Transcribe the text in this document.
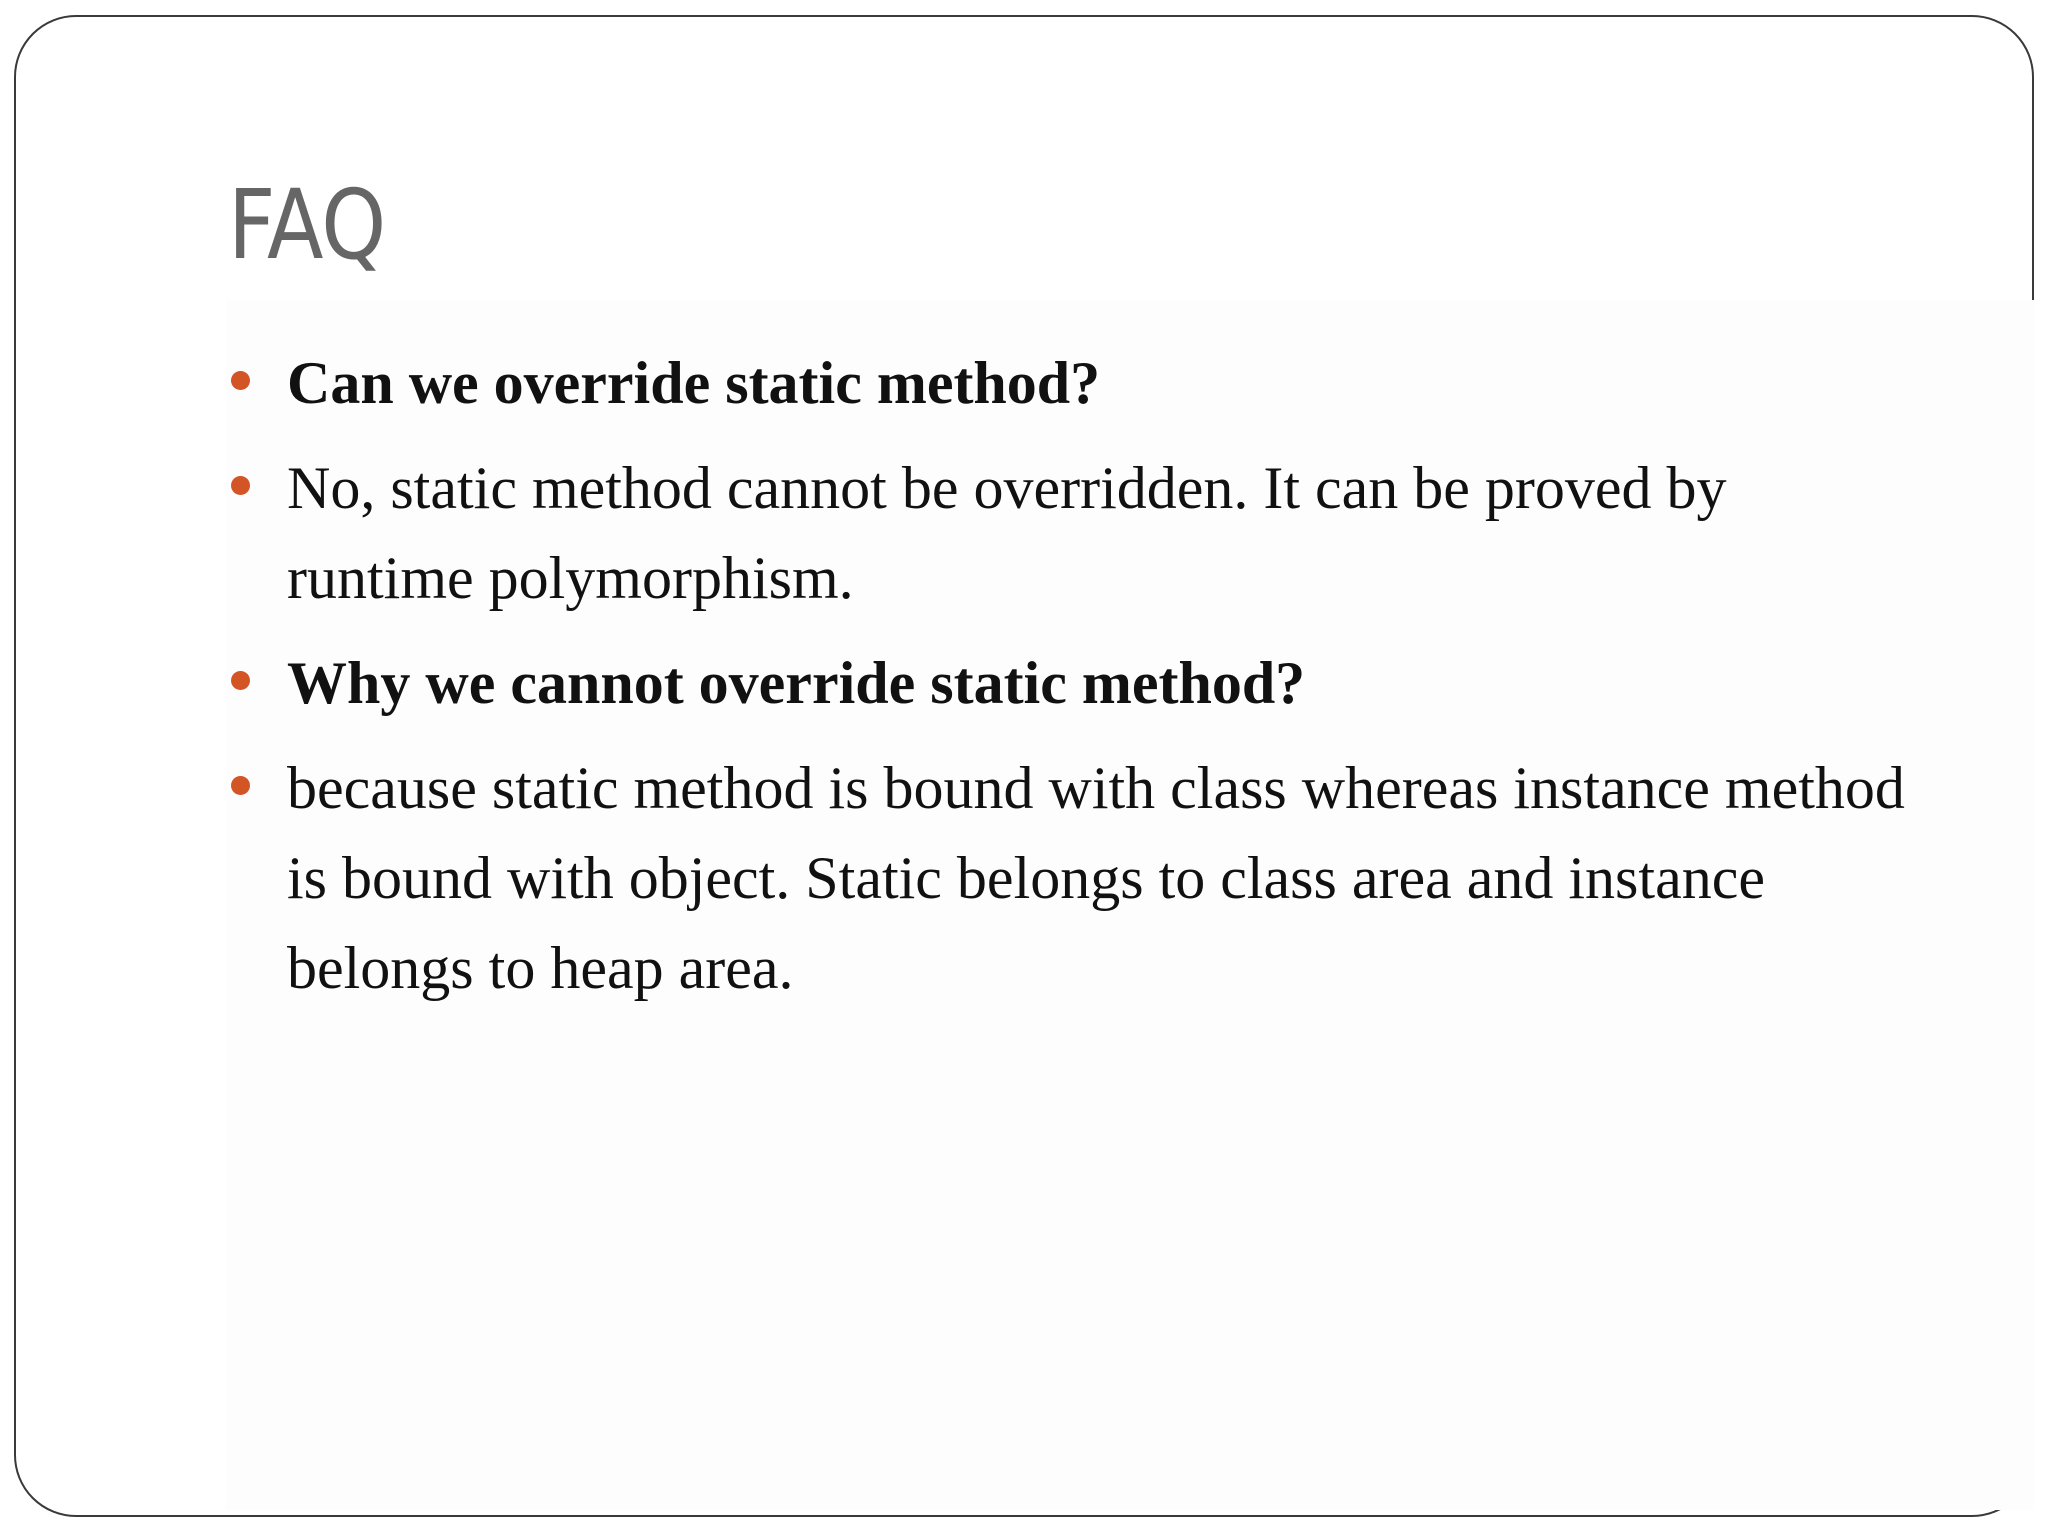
FAQ
Can we override static method?
No, static method cannot be overridden. It can be proved by runtime polymorphism.
Why we cannot override static method?
because static method is bound with class whereas instance method is bound with object. Static belongs to class area and instance belongs to heap area.
